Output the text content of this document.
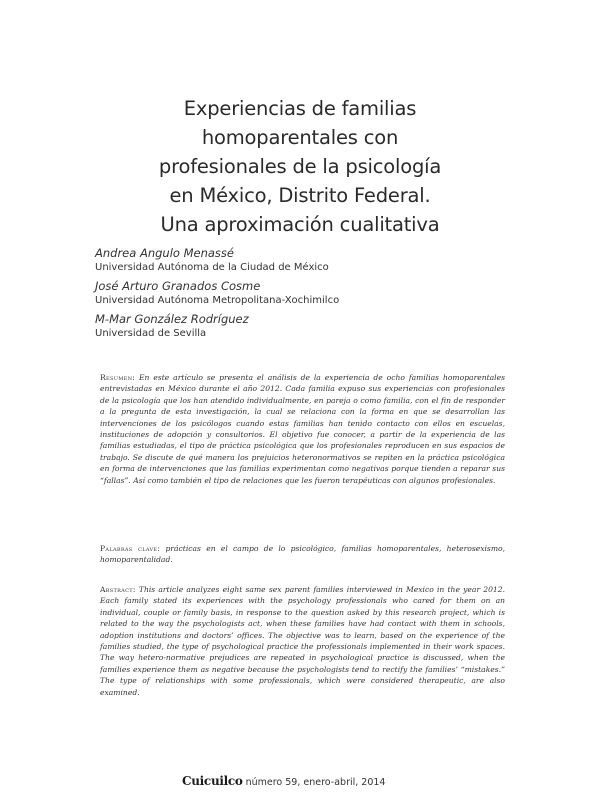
Experiencias de familias homoparentales con profesionales de la psicología en México, Distrito Federal. Una aproximación cualitativa
Andrea Angulo Menassé
Universidad Autónoma de la Ciudad de México
José Arturo Granados Cosme
Universidad Autónoma Metropolitana-Xochimilco
M-Mar González Rodríguez
Universidad de Sevilla

Resumen: En este artículo se presenta el análisis de la experiencia de ocho familias homoparentales entrevistadas en México durante el año 2012. Cada familia expuso sus experiencias con profesionales de la psicología que los han atendido individualmente, en pareja o como familia, con el fin de responder a la pregunta de esta investigación, la cual se relaciona con la forma en que se desarrollan las intervenciones de los psicólogos cuando estas familias han tenido contacto con ellos en escuelas, instituciones de adopción y consultorios. El objetivo fue conocer, a partir de la experiencia de las familias estudiadas, el tipo de práctica psicológica que los profesionales reproducen en sus espacios de trabajo. Se discute de qué manera los prejuicios heteronormativos se repiten en la práctica psicológica en forma de intervenciones que las familias experimentan como negativas porque tienden a reparar sus “fallas”. Así como también el tipo de relaciones que les fueron terapéuticas con algunos profesionales.

Palabras clave: prácticas en el campo de lo psicológico, familias homoparentales, heterosexismo, homoparentalidad.

Abstract: This article analyzes eight same sex parent families interviewed in Mexico in the year 2012. Each family stated its experiences with the psychology professionals who cared for them on an individual, couple or family basis, in response to the question asked by this research project, which is related to the way the psychologists act, when these families have had contact with them in schools, adoption institutions and doctors’ offices. The objective was to learn, based on the experience of the families studied, the type of psychological practice the professionals implemented in their work spaces. The way hetero-normative prejudices are repeated in psychological practice is discussed, when the families experience them as negative because the psychologists tend to rectify the families’ “mistakes.” The type of relationships with some professionals, which were considered therapeutic, are also examined.

Cuicuilco número 59, enero-abril, 2014
